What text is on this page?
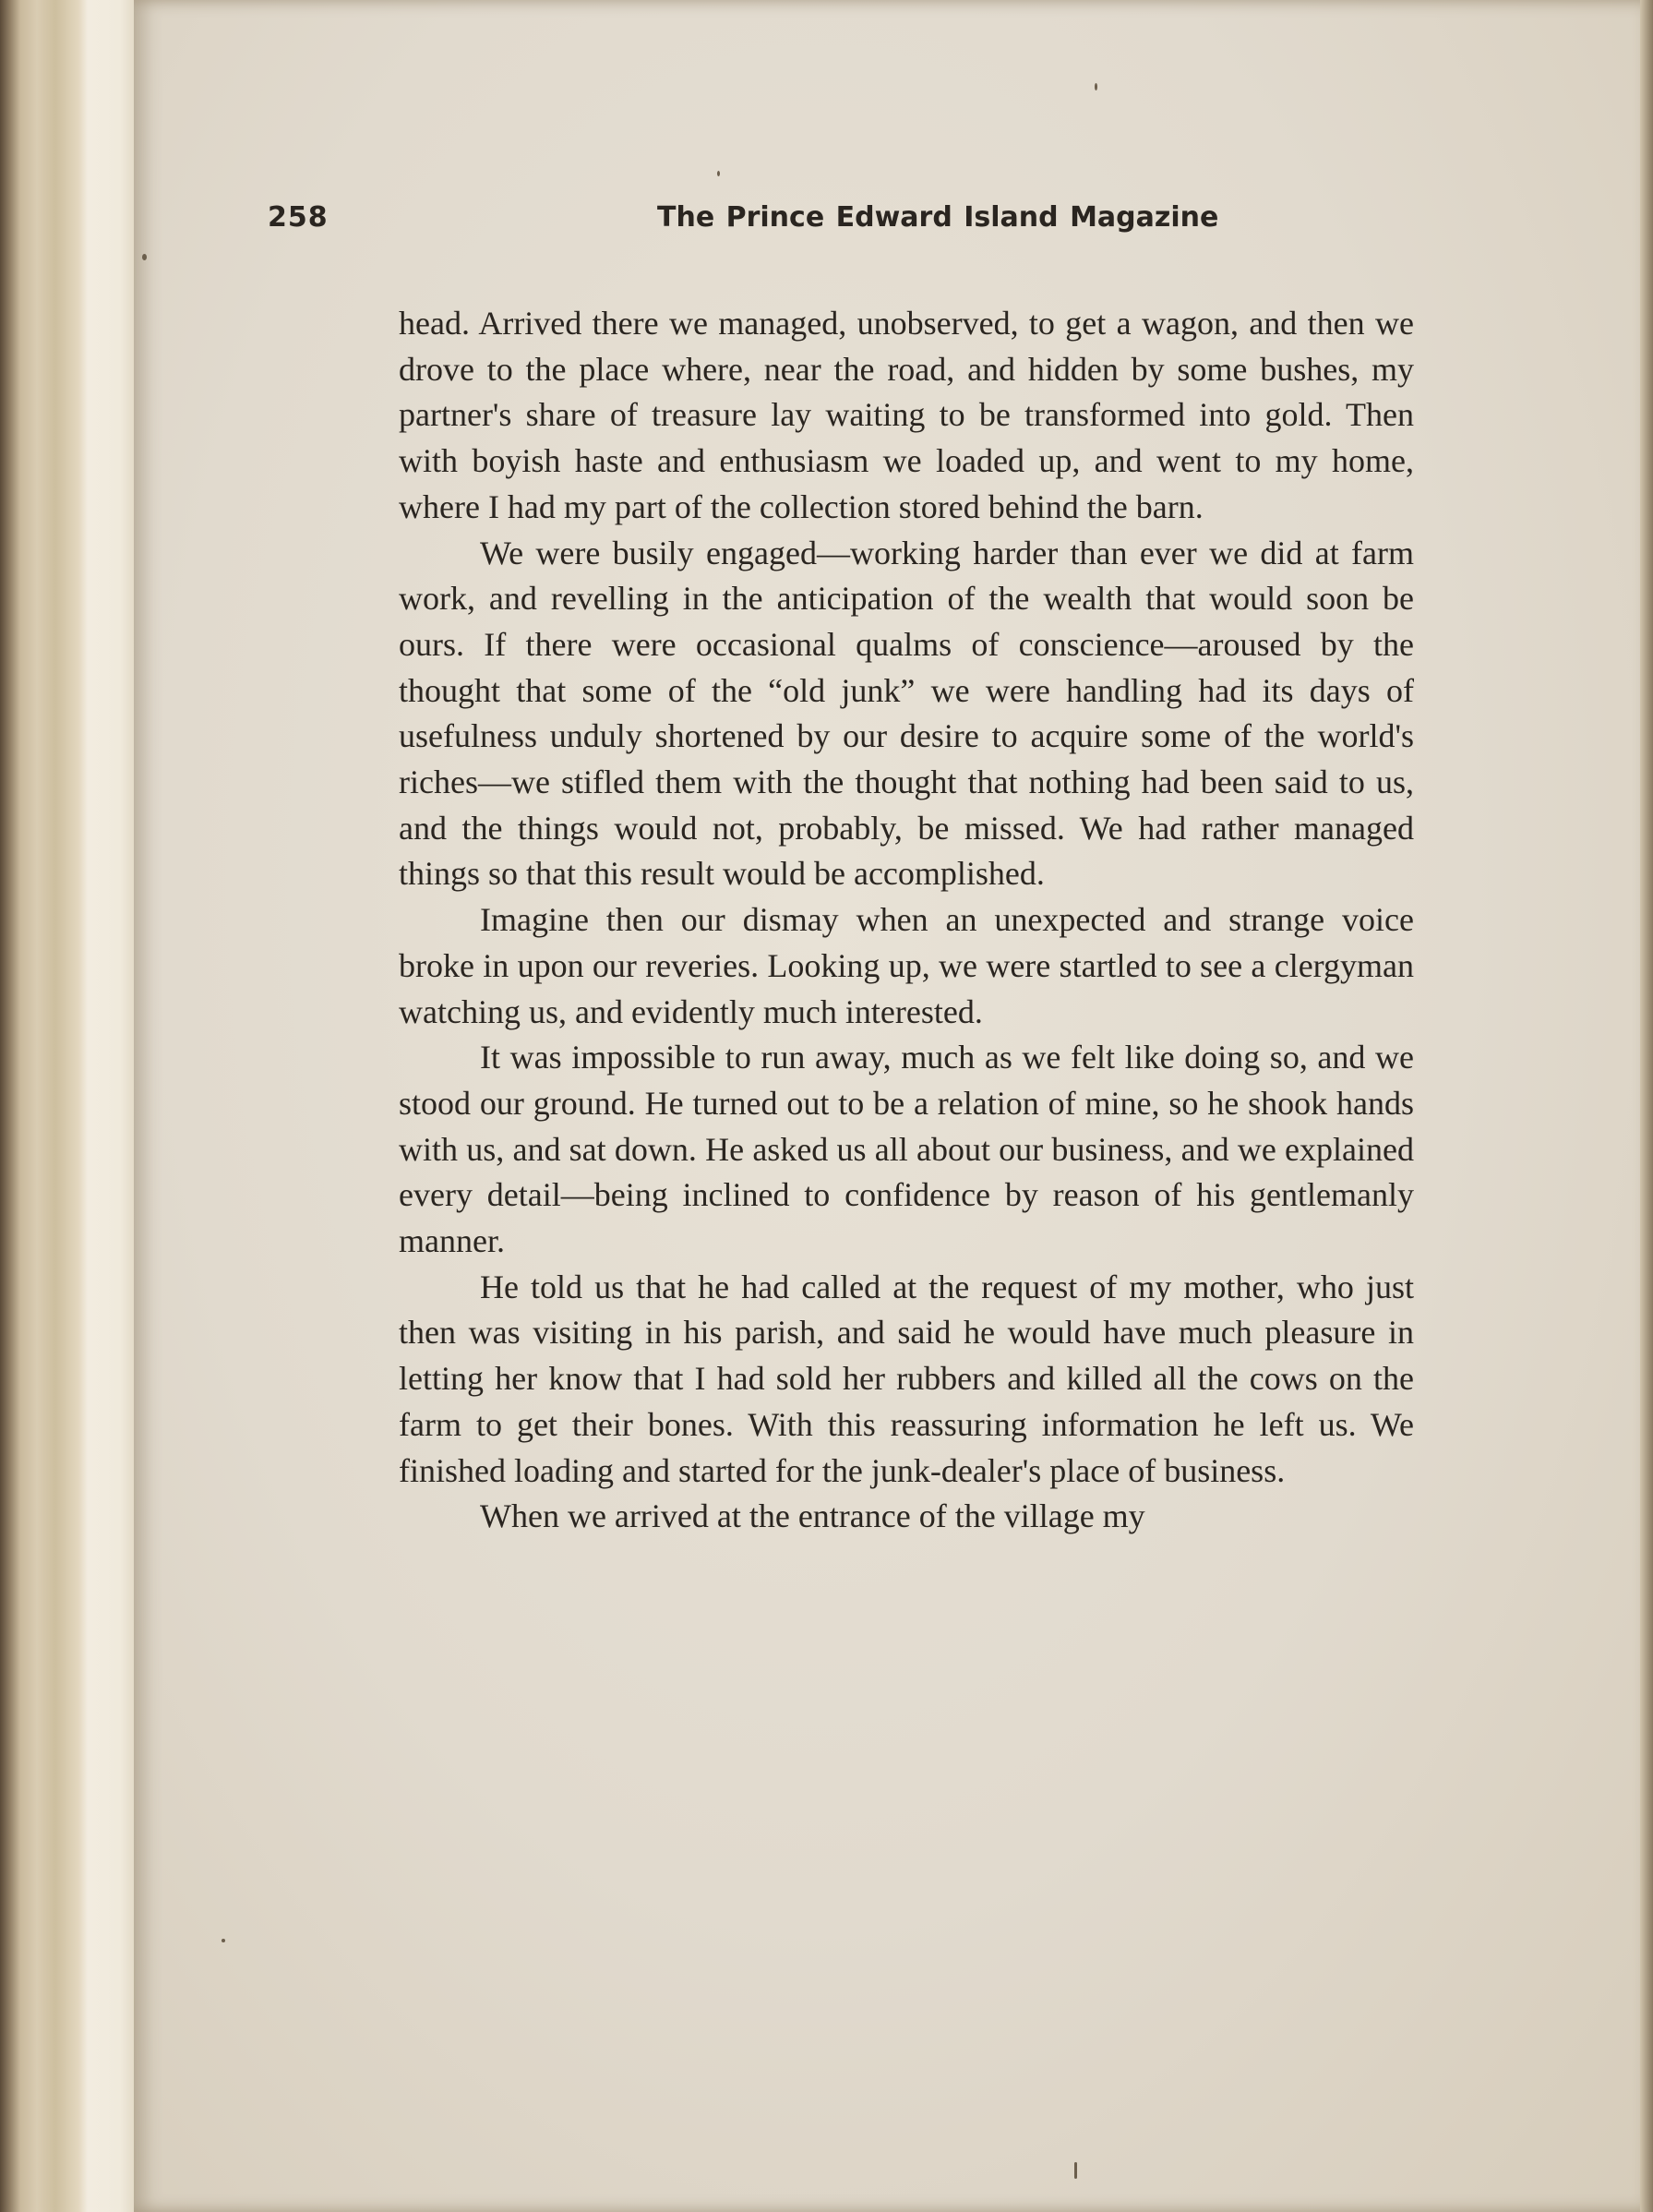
258	The Prince Edward Island Magazine

head. Arrived there we managed, unobserved, to get a wagon, and then we drove to the place where, near the road, and hidden by some bushes, my partner's share of treasure lay waiting to be transformed into gold. Then with boyish haste and enthusiasm we loaded up, and went to my home, where I had my part of the collection stored behind the barn.

We were busily engaged—working harder than ever we did at farm work, and revelling in the anticipation of the wealth that would soon be ours. If there were occasional qualms of conscience—aroused by the thought that some of the “old junk” we were handling had its days of usefulness unduly shortened by our desire to acquire some of the world's riches—we stifled them with the thought that nothing had been said to us, and the things would not, probably, be missed. We had rather managed things so that this result would be accomplished.

Imagine then our dismay when an unexpected and strange voice broke in upon our reveries. Looking up, we were startled to see a clergyman watching us, and evidently much interested.

It was impossible to run away, much as we felt like doing so, and we stood our ground. He turned out to be a relation of mine, so he shook hands with us, and sat down. He asked us all about our business, and we explained every detail—being inclined to confidence by reason of his gentlemanly manner.

He told us that he had called at the request of my mother, who just then was visiting in his parish, and said he would have much pleasure in letting her know that I had sold her rubbers and killed all the cows on the farm to get their bones. With this reassuring information he left us. We finished loading and started for the junk-dealer's place of business.

When we arrived at the entrance of the village my
